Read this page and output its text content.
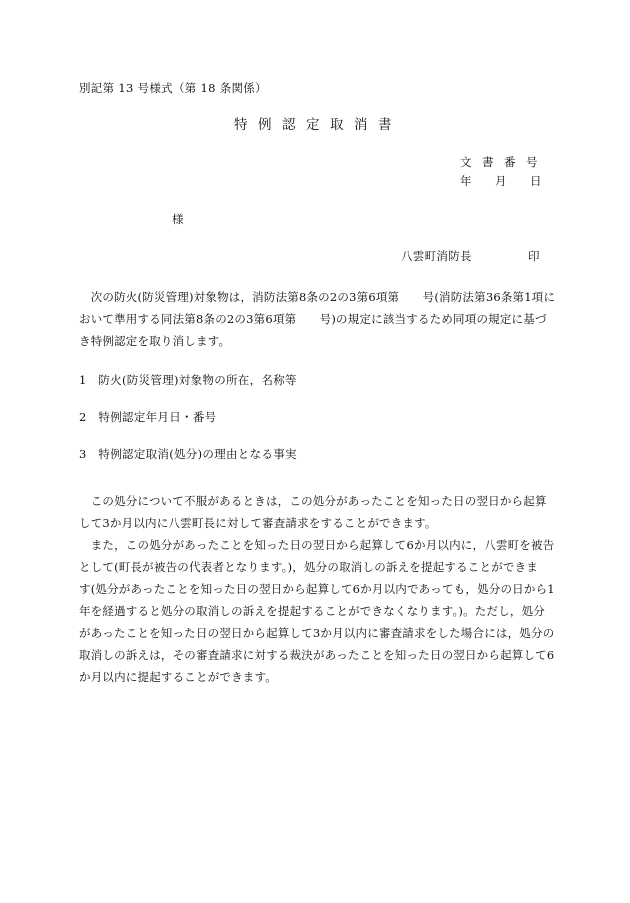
別記第 13 号様式（第 18 条関係）
特 例 認 定 取 消 書
文 書 番 号
年 月 日
様
八雲町消防長	印
　次の防火(防災管理)対象物は，消防法第8条の2の3第6項第　　号(消防法第36条第1項に
おいて準用する同法第8条の2の3第6項第　　号)の規定に該当するため同項の規定に基づ
き特例認定を取り消します。
1　防火(防災管理)対象物の所在，名称等
2　特例認定年月日・番号
3　特例認定取消(処分)の理由となる事実
　この処分について不服があるときは，この処分があったことを知った日の翌日から起算
して3か月以内に八雲町長に対して審査請求をすることができます。
　また，この処分があったことを知った日の翌日から起算して6か月以内に，八雲町を被告
として(町長が被告の代表者となります。)，処分の取消しの訴えを提起することができま
す(処分があったことを知った日の翌日から起算して6か月以内であっても，処分の日から1
年を経過すると処分の取消しの訴えを提起することができなくなります。)。ただし，処分
があったことを知った日の翌日から起算して3か月以内に審査請求をした場合には，処分の
取消しの訴えは，その審査請求に対する裁決があったことを知った日の翌日から起算して6
か月以内に提起することができます。
